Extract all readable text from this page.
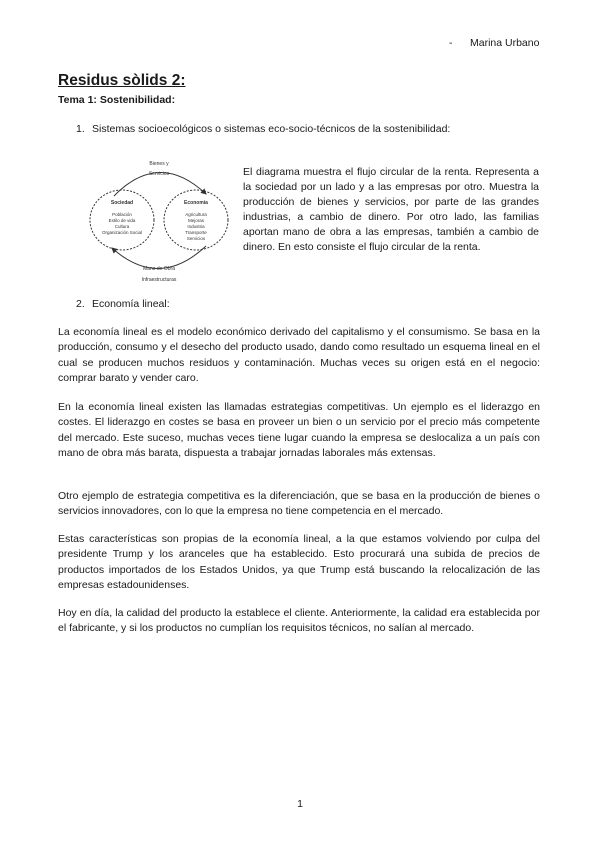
-      Marina Urbano
Residus sòlids 2:
Tema 1: Sostenibilidad:
1. Sistemas socioecológicos o sistemas eco-socio-técnicos de la sostenibilidad:
Bienes y
Servicios
Sociedad
Población
Estilo de vida
Cultura
Organización Social
Economía
Agricultura
Mejoras
Industria
Transporte
Servicios
Mano de Obra
Infraestructuras
El diagrama muestra el flujo circular de la renta. Representa a la sociedad por un lado y a las empresas por otro. Muestra la producción de bienes y servicios, por parte de las grandes industrias, a cambio de dinero. Por otro lado, las familias aportan mano de obra a las empresas, también a cambio de dinero. En esto consiste el flujo circular de la renta.
2. Economía lineal:
La economía lineal es el modelo económico derivado del capitalismo y el consumismo. Se basa en la producción, consumo y el desecho del producto usado, dando como resultado un esquema lineal en el cual se producen muchos residuos y contaminación. Muchas veces su origen está en el negocio: comprar barato y vender caro.
En la economía lineal existen las llamadas estrategias competitivas. Un ejemplo es el liderazgo en costes. El liderazgo en costes se basa en proveer un bien o un servicio por el precio más competente del mercado. Este suceso, muchas veces tiene lugar cuando la empresa se deslocaliza a un país con mano de obra más barata, dispuesta a trabajar jornadas laborales más extensas.
Otro ejemplo de estrategia competitiva es la diferenciación, que se basa en la producción de bienes o servicios innovadores, con lo que la empresa no tiene competencia en el mercado.
Estas características son propias de la economía lineal, a la que estamos volviendo por culpa del presidente Trump y los aranceles que ha establecido. Esto procurará una subida de precios de productos importados de los Estados Unidos, ya que Trump está buscando la relocalización de las empresas estadounidenses.
Hoy en día, la calidad del producto la establece el cliente. Anteriormente, la calidad era establecida por el fabricante, y si los productos no cumplían los requisitos técnicos, no salían al mercado.
1
